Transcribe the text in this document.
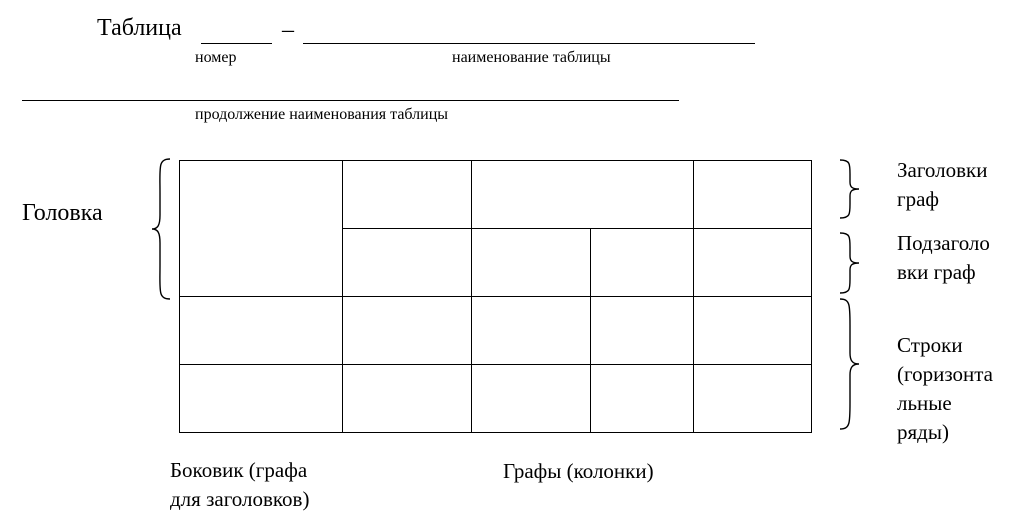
Таблица	–
номер	наименование таблицы
продолжение наименования таблицы
Головка
Заголовки
граф
Подзаголо
вки граф
Строки
(горизонта
льные
ряды)
Боковик (графа
для заголовков)
Графы (колонки)
